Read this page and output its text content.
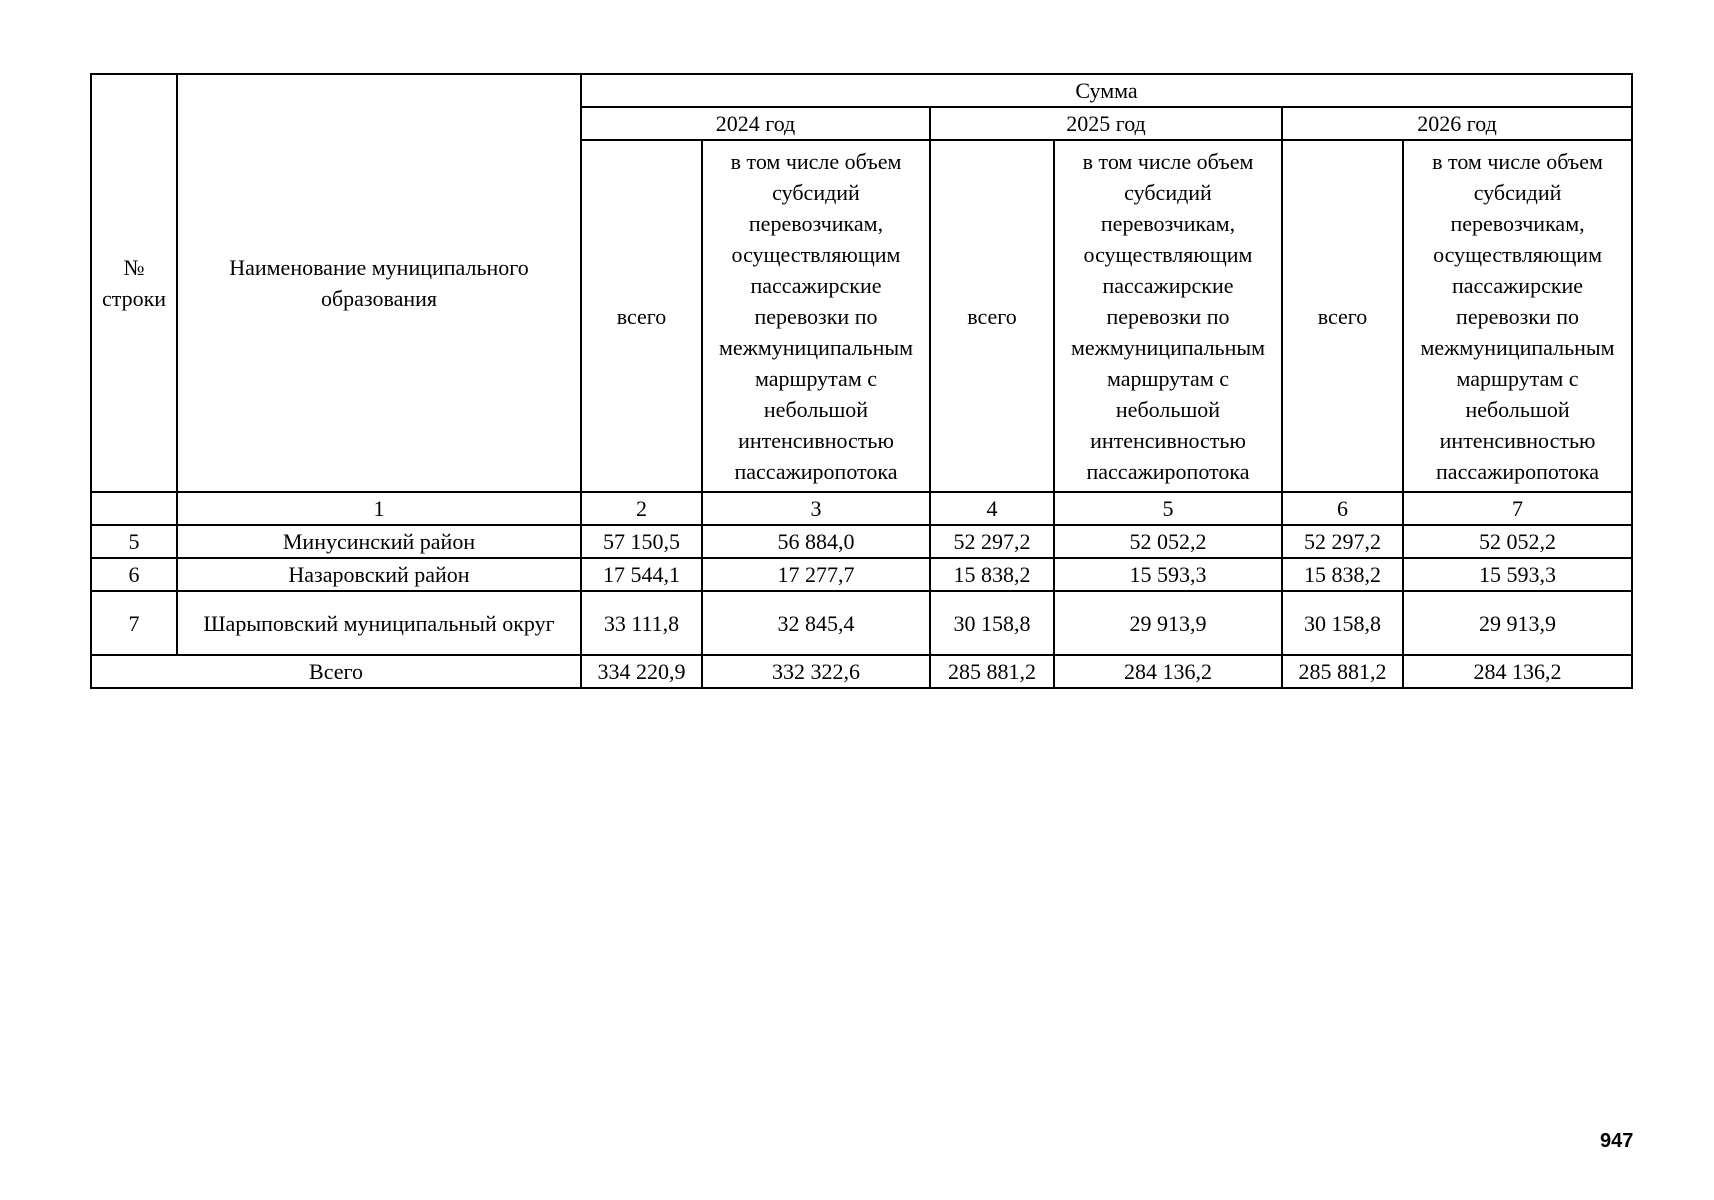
№ строки	Наименование муниципального образования	Сумма					
		2024 год		2025 год		2026 год	
		всего	в том числе объем субсидий перевозчикам, осуществляющим пассажирские перевозки по межмуниципальным маршрутам с небольшой интенсивностью пассажиропотока	всего	в том числе объем субсидий перевозчикам, осуществляющим пассажирские перевозки по межмуниципальным маршрутам с небольшой интенсивностью пассажиропотока	всего	в том числе объем субсидий перевозчикам, осуществляющим пассажирские перевозки по межмуниципальным маршрутам с небольшой интенсивностью пассажиропотока
	1	2	3	4	5	6	7
5	Минусинский район	57 150,5	56 884,0	52 297,2	52 052,2	52 297,2	52 052,2
6	Назаровский район	17 544,1	17 277,7	15 838,2	15 593,3	15 838,2	15 593,3
7	Шарыповский муниципальный округ	33 111,8	32 845,4	30 158,8	29 913,9	30 158,8	29 913,9
Всего		334 220,9	332 322,6	285 881,2	284 136,2	285 881,2	284 136,2
947
